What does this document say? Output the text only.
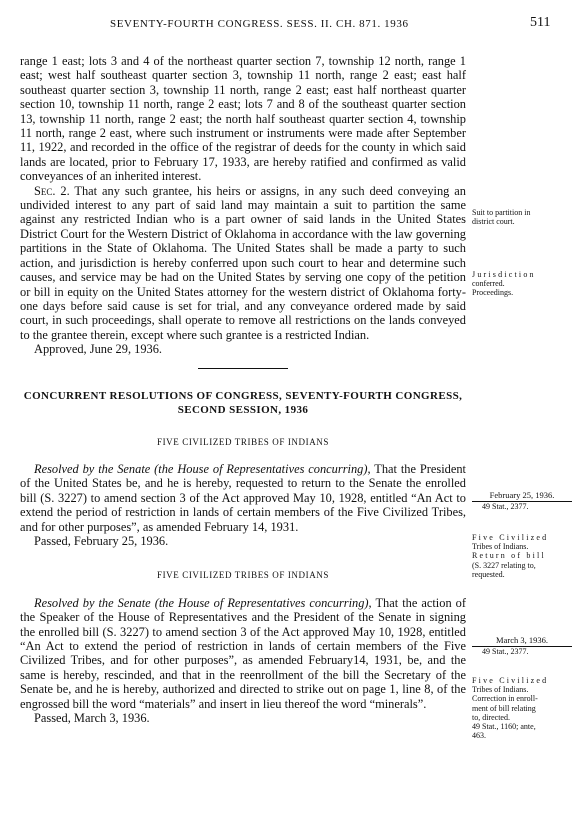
SEVENTY-FOURTH CONGRESS. SESS. II. CH. 871. 1936	511

range 1 east; lots 3 and 4 of the northeast quarter section 7, township 12 north, range 1 east; west half southeast quarter section 3, township 11 north, range 2 east; east half southeast quarter section 3, township 11 north, range 2 east; east half northeast quarter section 10, township 11 north, range 2 east; lots 7 and 8 of the southeast quarter section 13, township 11 north, range 2 east; the north half southeast quarter section 4, township 11 north, range 2 east, where such instrument or instruments were made after September 11, 1922, and recorded in the office of the registrar of deeds for the county in which said lands are located, prior to February 17, 1933, are hereby ratified and confirmed as valid conveyances of an inherited interest.

Sec. 2. That any such grantee, his heirs or assigns, in any such deed conveying an undivided interest to any part of said land may maintain a suit to partition the same against any restricted Indian who is a part owner of said lands in the United States District Court for the Western District of Oklahoma in accordance with the law governing partitions in the State of Oklahoma. The United States shall be made a party to such action, and jurisdiction is hereby conferred upon such court to hear and determine such causes, and service may be had on the United States by serving one copy of the petition or bill in equity on the United States attorney for the western district of Oklahoma forty-one days before said cause is set for trial, and any conveyance ordered made by said court, in such proceedings, shall operate to remove all restrictions on the lands conveyed to the grantee therein, except where such grantee is a restricted Indian.

Approved, June 29, 1936.

CONCURRENT RESOLUTIONS OF CONGRESS, SEVENTY-FOURTH CONGRESS, SECOND SESSION, 1936
FIVE CIVILIZED TRIBES OF INDIANS

Resolved by the Senate (the House of Representatives concurring), That the President of the United States be, and he is hereby, requested to return to the Senate the enrolled bill (S. 3227) to amend section 3 of the Act approved May 10, 1928, entitled “An Act to extend the period of restriction in lands of certain members of the Five Civilized Tribes, and for other purposes”, as amended February 14, 1931.

Passed, February 25, 1936.

FIVE CIVILIZED TRIBES OF INDIANS

Resolved by the Senate (the House of Representatives concurring), That the action of the Speaker of the House of Representatives and the President of the Senate in signing the enrolled bill (S. 3227) to amend section 3 of the Act approved May 10, 1928, entitled “An Act to extend the period of restriction in lands of certain members of the Five Civilized Tribes, and for other purposes”, as amended February14, 1931, be, and the same is hereby, rescinded, and that in the reenrollment of the bill the Secretary of the Senate be, and he is hereby, authorized and directed to strike out on page 1, line 8, of the engrossed bill the word “materials” and insert in lieu thereof the word “minerals”.

Passed, March 3, 1936.

Suit to partition in
district court.
Jurisdiction
conferred.
Proceedings.
February 25, 1936.
49 Stat., 2377.
Five Civilized
Tribes of Indians.
Return of bill
(S. 3227 relating to,
requested.
March 3, 1936.
49 Stat., 2377.
Five Civilized
Tribes of Indians.
Correction in enroll-
ment of bill relating
to, directed.
49 Stat., 1160; ante,
463.
